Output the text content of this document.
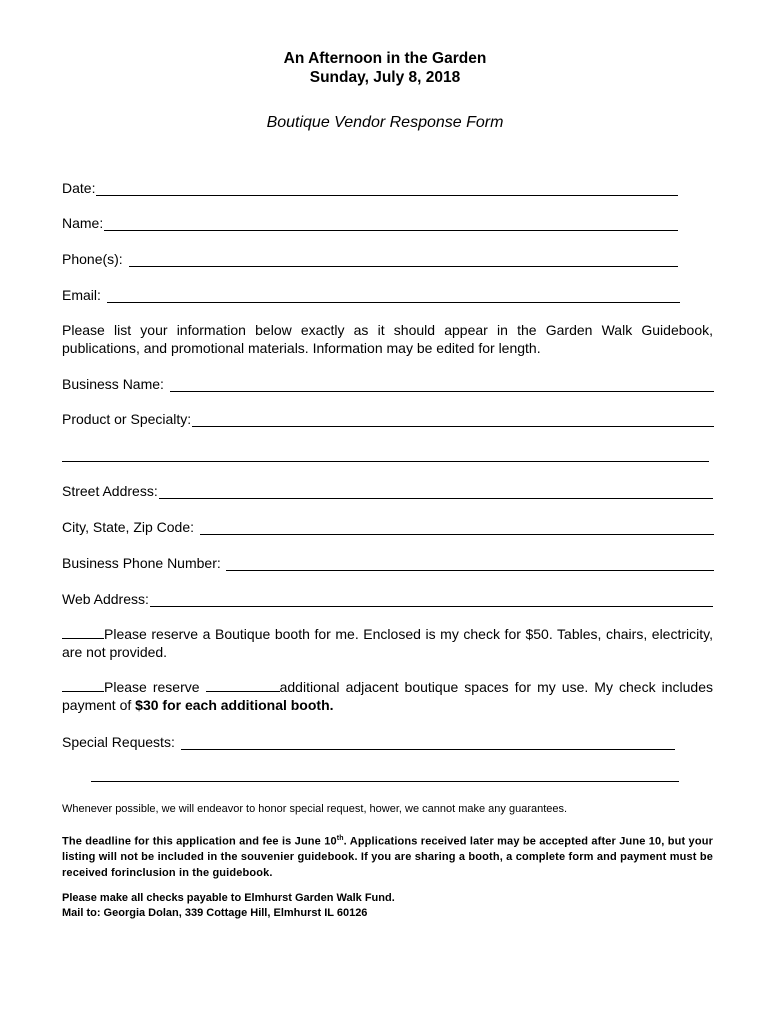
An Afternoon in the Garden
Sunday, July 8, 2018
Boutique Vendor Response Form
Date:
Name:
Phone(s):
Email:
Please list your information below exactly as it should appear in the Garden Walk Guidebook, publications, and promotional materials. Information may be edited for length.
Business Name:
Product or Specialty:
Street Address:
City, State, Zip Code:
Business Phone Number:
Web Address:
Please reserve a Boutique booth for me. Enclosed is my check for $50. Tables, chairs, electricity, are not provided.
Please reserve	additional adjacent boutique spaces for my use. My check includes payment of $30 for each additional booth.
Special Requests:
Whenever possible, we will endeavor to honor special request, hower, we cannot make any guarantees.
The deadline for this application and fee is June 10th. Applications received later may be accepted after June 10, but your listing will not be included in the souvenier guidebook. If you are sharing a booth, a complete form and payment must be received forinclusion in the guidebook.
Please make all checks payable to Elmhurst Garden Walk Fund.
Mail to: Georgia Dolan, 339 Cottage Hill, Elmhurst IL 60126
